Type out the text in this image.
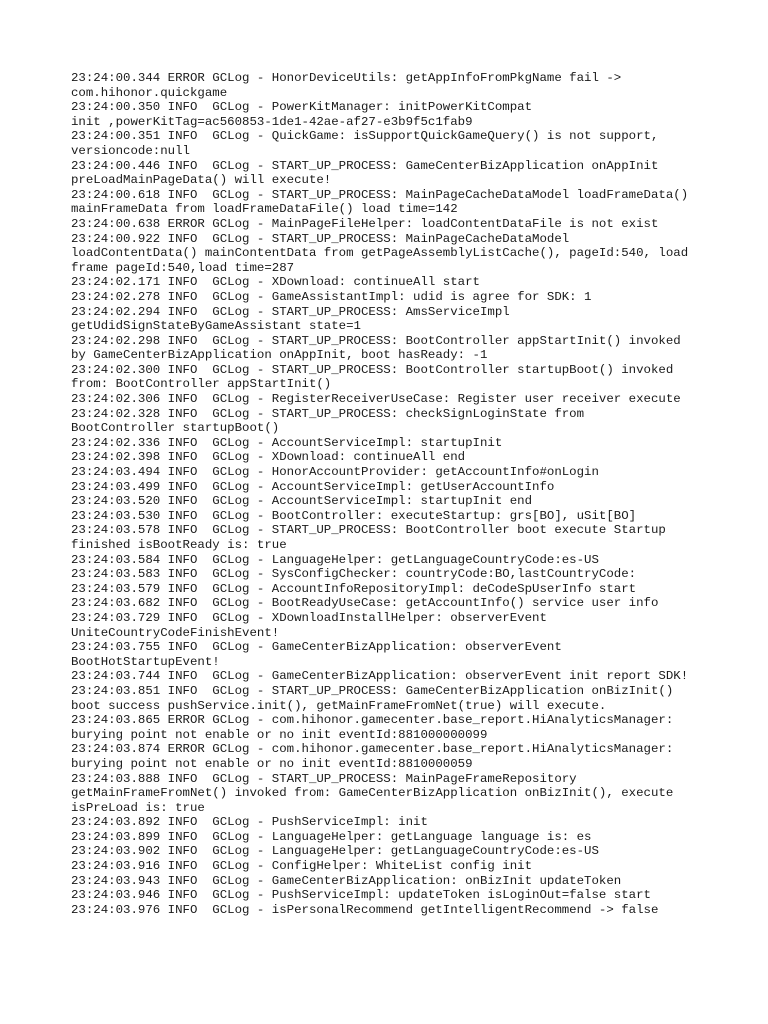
23:24:00.344 ERROR GCLog - HonorDeviceUtils: getAppInfoFromPkgName fail ->
com.hihonor.quickgame
23:24:00.350 INFO  GCLog - PowerKitManager: initPowerKitCompat
init ,powerKitTag=ac560853-1de1-42ae-af27-e3b9f5c1fab9
23:24:00.351 INFO  GCLog - QuickGame: isSupportQuickGameQuery() is not support,
versioncode:null
23:24:00.446 INFO  GCLog - START_UP_PROCESS: GameCenterBizApplication onAppInit
preLoadMainPageData() will execute!
23:24:00.618 INFO  GCLog - START_UP_PROCESS: MainPageCacheDataModel loadFrameData()
mainFrameData from loadFrameDataFile() load time=142
23:24:00.638 ERROR GCLog - MainPageFileHelper: loadContentDataFile is not exist
23:24:00.922 INFO  GCLog - START_UP_PROCESS: MainPageCacheDataModel
loadContentData() mainContentData from getPageAssemblyListCache(), pageId:540, load
frame pageId:540,load time=287
23:24:02.171 INFO  GCLog - XDownload: continueAll start
23:24:02.278 INFO  GCLog - GameAssistantImpl: udid is agree for SDK: 1
23:24:02.294 INFO  GCLog - START_UP_PROCESS: AmsServiceImpl
getUdidSignStateByGameAssistant state=1
23:24:02.298 INFO  GCLog - START_UP_PROCESS: BootController appStartInit() invoked
by GameCenterBizApplication onAppInit, boot hasReady: -1
23:24:02.300 INFO  GCLog - START_UP_PROCESS: BootController startupBoot() invoked
from: BootController appStartInit()
23:24:02.306 INFO  GCLog - RegisterReceiverUseCase: Register user receiver execute
23:24:02.328 INFO  GCLog - START_UP_PROCESS: checkSignLoginState from
BootController startupBoot()
23:24:02.336 INFO  GCLog - AccountServiceImpl: startupInit
23:24:02.398 INFO  GCLog - XDownload: continueAll end
23:24:03.494 INFO  GCLog - HonorAccountProvider: getAccountInfo#onLogin
23:24:03.499 INFO  GCLog - AccountServiceImpl: getUserAccountInfo
23:24:03.520 INFO  GCLog - AccountServiceImpl: startupInit end
23:24:03.530 INFO  GCLog - BootController: executeStartup: grs[BO], uSit[BO]
23:24:03.578 INFO  GCLog - START_UP_PROCESS: BootController boot execute Startup
finished isBootReady is: true
23:24:03.584 INFO  GCLog - LanguageHelper: getLanguageCountryCode:es-US
23:24:03.583 INFO  GCLog - SysConfigChecker: countryCode:BO,lastCountryCode:
23:24:03.579 INFO  GCLog - AccountInfoRepositoryImpl: deCodeSpUserInfo start
23:24:03.682 INFO  GCLog - BootReadyUseCase: getAccountInfo() service user info
23:24:03.729 INFO  GCLog - XDownloadInstallHelper: observerEvent
UniteCountryCodeFinishEvent!
23:24:03.755 INFO  GCLog - GameCenterBizApplication: observerEvent
BootHotStartupEvent!
23:24:03.744 INFO  GCLog - GameCenterBizApplication: observerEvent init report SDK!
23:24:03.851 INFO  GCLog - START_UP_PROCESS: GameCenterBizApplication onBizInit()
boot success pushService.init(), getMainFrameFromNet(true) will execute.
23:24:03.865 ERROR GCLog - com.hihonor.gamecenter.base_report.HiAnalyticsManager:
burying point not enable or no init eventId:881000000099
23:24:03.874 ERROR GCLog - com.hihonor.gamecenter.base_report.HiAnalyticsManager:
burying point not enable or no init eventId:8810000059
23:24:03.888 INFO  GCLog - START_UP_PROCESS: MainPageFrameRepository
getMainFrameFromNet() invoked from: GameCenterBizApplication onBizInit(), execute
isPreLoad is: true
23:24:03.892 INFO  GCLog - PushServiceImpl: init
23:24:03.899 INFO  GCLog - LanguageHelper: getLanguage language is: es
23:24:03.902 INFO  GCLog - LanguageHelper: getLanguageCountryCode:es-US
23:24:03.916 INFO  GCLog - ConfigHelper: WhiteList config init
23:24:03.943 INFO  GCLog - GameCenterBizApplication: onBizInit updateToken
23:24:03.946 INFO  GCLog - PushServiceImpl: updateToken isLoginOut=false start
23:24:03.976 INFO  GCLog - isPersonalRecommend getIntelligentRecommend -> false
